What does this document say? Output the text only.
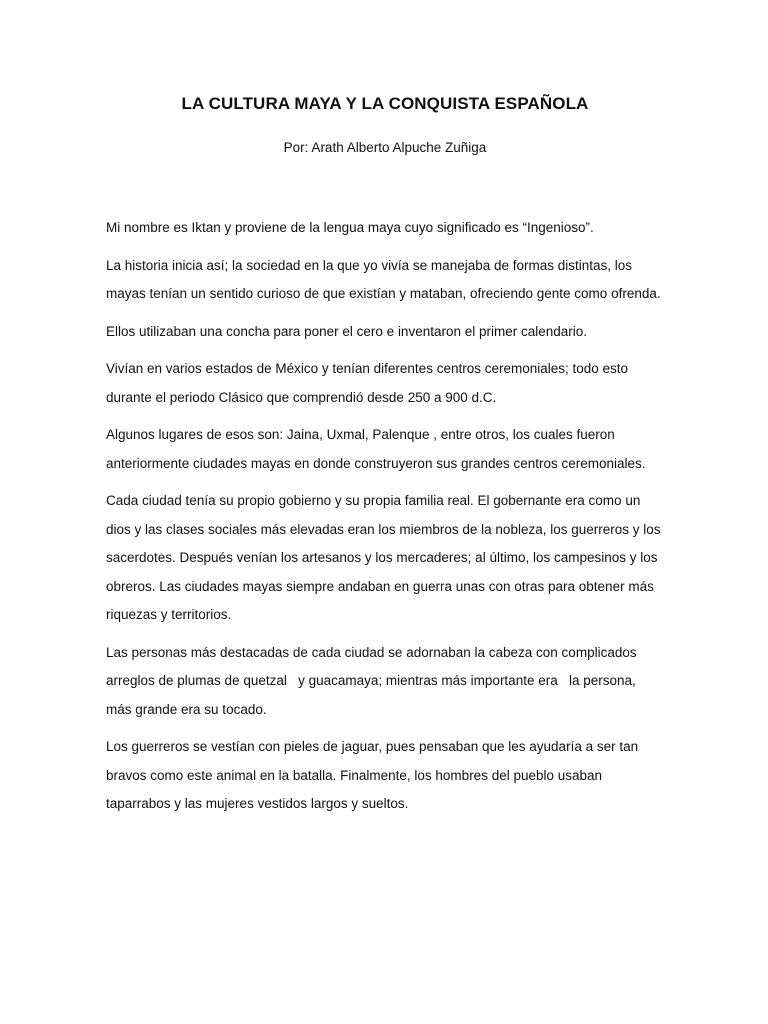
LA CULTURA MAYA Y LA CONQUISTA ESPAÑOLA
Por: Arath Alberto Alpuche Zuñiga

Mi nombre es Iktan y proviene de la lengua maya cuyo significado es “Ingenioso”.

La historia inicia así; la sociedad en la que yo vivía se manejaba de formas distintas, los mayas tenían un sentido curioso de que existían y mataban, ofreciendo gente como ofrenda.

Ellos utilizaban una concha para poner el cero e inventaron el primer calendario.

Vivían en varios estados de México y tenían diferentes centros ceremoniales; todo esto durante el periodo Clásico que comprendió desde 250 a 900 d.C.

Algunos lugares de esos son: Jaina, Uxmal, Palenque , entre otros, los cuales fueron anteriormente ciudades mayas en donde construyeron sus grandes centros ceremoniales.

Cada ciudad tenía su propio gobierno y su propia familia real. El gobernante era como un dios y las clases sociales más elevadas eran los miembros de la nobleza, los guerreros y los sacerdotes. Después venían los artesanos y los mercaderes; al último, los campesinos y los obreros. Las ciudades mayas siempre andaban en guerra unas con otras para obtener más riquezas y territorios.

Las personas más destacadas de cada ciudad se adornaban la cabeza con complicados arreglos de plumas de quetzal   y guacamaya; mientras más importante era   la persona, más grande era su tocado.

Los guerreros se vestían con pieles de jaguar, pues pensaban que les ayudaría a ser tan bravos como este animal en la batalla. Finalmente, los hombres del pueblo usaban taparrabos y las mujeres vestidos largos y sueltos.
